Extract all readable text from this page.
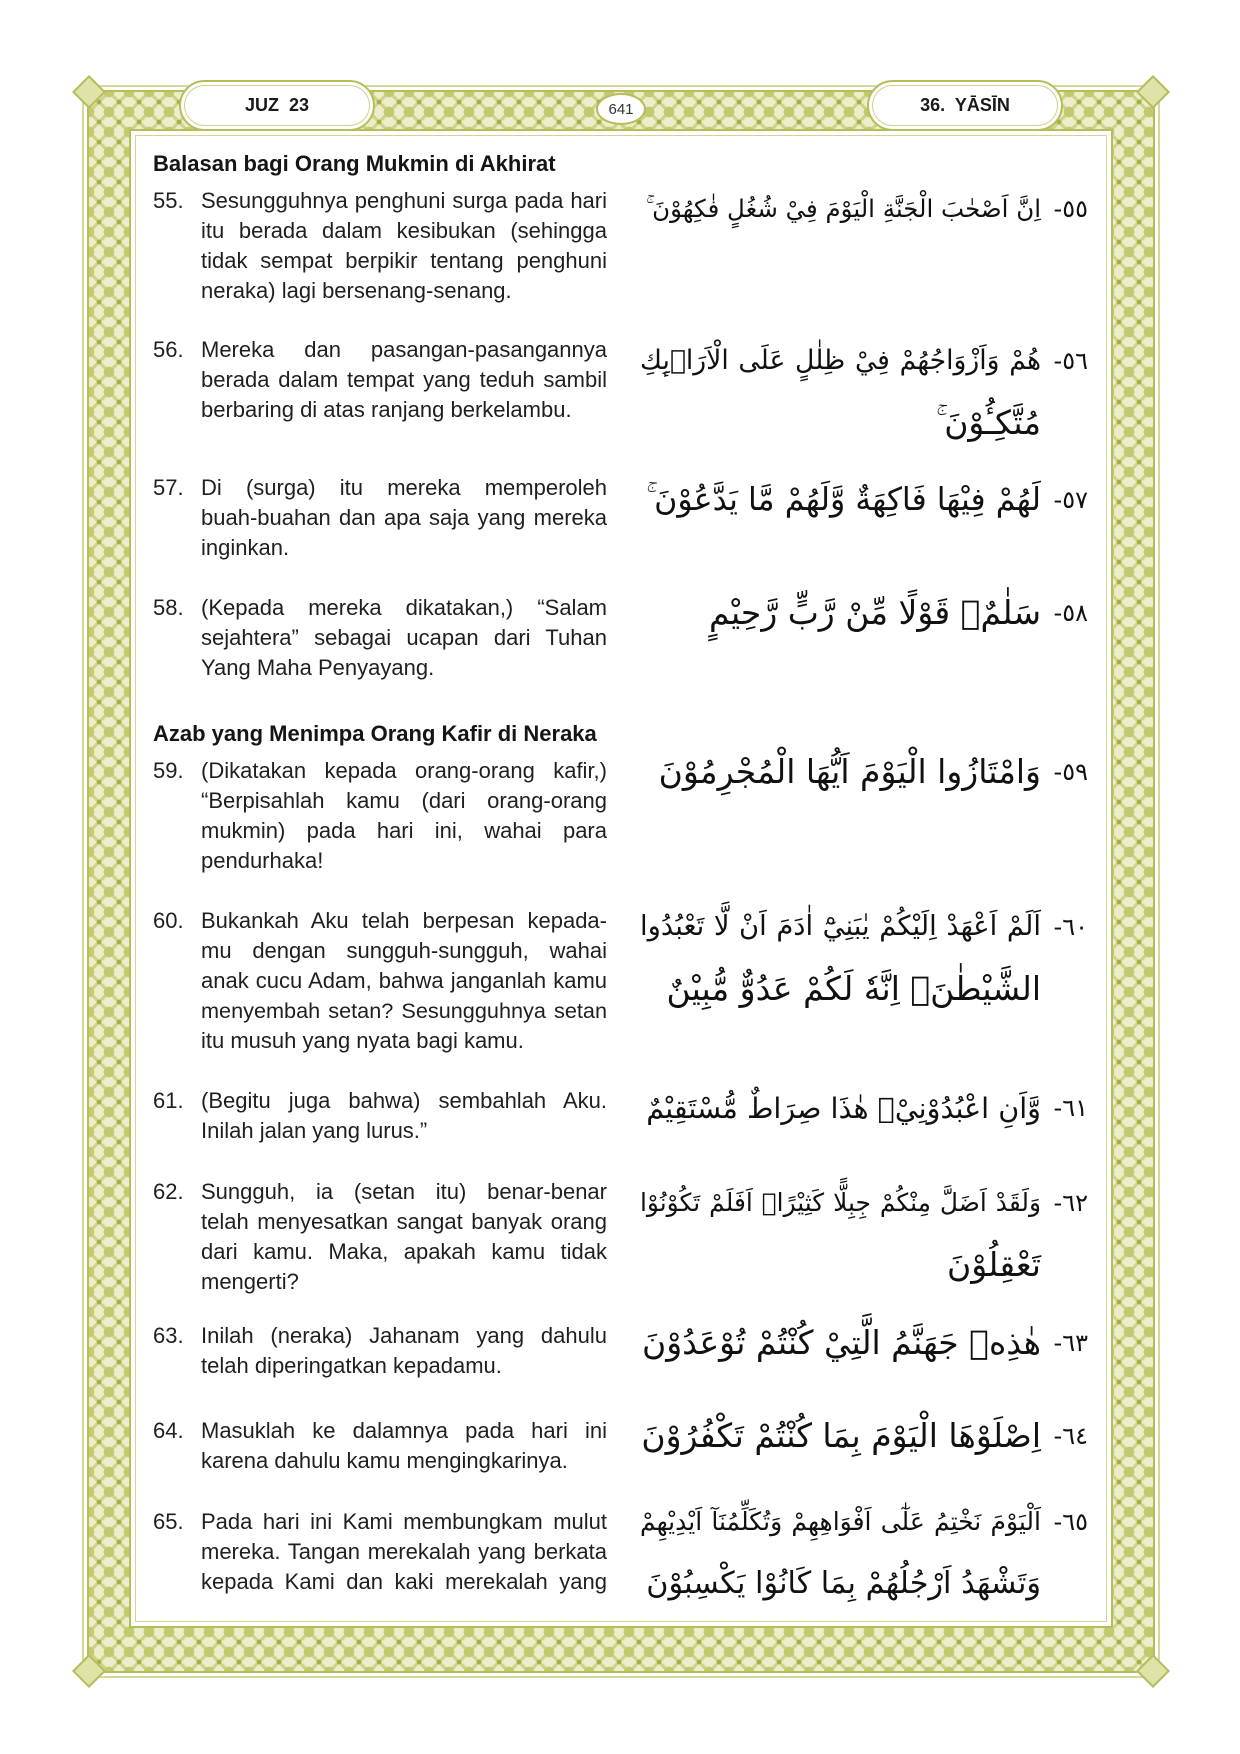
JUZ 23	641	36. YĀSĪN
Balasan bagi Orang Mukmin di Akhirat
55. Sesungguhnya penghuni surga pada hari
itu berada dalam kesibukan (sehingga
tidak sempat berpikir tentang penghuni
neraka) lagi bersenang-senang.
-٥٥
اِنَّ اَصْحٰبَ الْجَنَّةِ الْيَوْمَ فِيْ شُغُلٍ فٰكِهُوْنَ ۚ
56. Mereka dan pasangan-pasangannya
berada dalam tempat yang teduh sambil
berbaring di atas ranjang berkelambu.
-٥٦
هُمْ وَاَزْوَاجُهُمْ فِيْ ظِلٰلٍ عَلَى الْاَرَاۤىِٕكِ
مُتَّكِـُٔوْنَ ۚ
57. Di (surga) itu mereka memperoleh
buah-buahan dan apa saja yang mereka
inginkan.
-٥٧
لَهُمْ فِيْهَا فَاكِهَةٌ وَّلَهُمْ مَّا يَدَّعُوْنَ ۚ
58. (Kepada mereka dikatakan,) “Salam
sejahtera” sebagai ucapan dari Tuhan
Yang Maha Penyayang.
-٥٨
سَلٰمٌۗ قَوْلًا مِّنْ رَّبٍّ رَّحِيْمٍ
Azab yang Menimpa Orang Kafir di Neraka
59. (Dikatakan kepada orang-orang kafir,)
“Berpisahlah kamu (dari orang-orang
mukmin) pada hari ini, wahai para
pendurhaka!
-٥٩
وَامْتَازُوا الْيَوْمَ اَيُّهَا الْمُجْرِمُوْنَ
60. Bukankah Aku telah berpesan kepada-
mu dengan sungguh-sungguh, wahai
anak cucu Adam, bahwa janganlah kamu
menyembah setan? Sesungguhnya setan
itu musuh yang nyata bagi kamu.
-٦٠
اَلَمْ اَعْهَدْ اِلَيْكُمْ يٰبَنِيْٓ اٰدَمَ اَنْ لَّا تَعْبُدُوا
الشَّيْطٰنَۚ اِنَّهٗ لَكُمْ عَدُوٌّ مُّبِيْنٌ
61. (Begitu juga bahwa) sembahlah Aku.
Inilah jalan yang lurus.”
-٦١
وَّاَنِ اعْبُدُوْنِيْۗ هٰذَا صِرَاطٌ مُّسْتَقِيْمٌ
62. Sungguh, ia (setan itu) benar-benar
telah menyesatkan sangat banyak orang
dari kamu. Maka, apakah kamu tidak
mengerti?
-٦٢
وَلَقَدْ اَضَلَّ مِنْكُمْ جِبِلًّا كَثِيْرًاۗ اَفَلَمْ تَكُوْنُوْا
تَعْقِلُوْنَ
63. Inilah (neraka) Jahanam yang dahulu
telah diperingatkan kepadamu.
-٦٣
هٰذِهٖ جَهَنَّمُ الَّتِيْ كُنْتُمْ تُوْعَدُوْنَ
64. Masuklah ke dalamnya pada hari ini
karena dahulu kamu mengingkarinya.
-٦٤
اِصْلَوْهَا الْيَوْمَ بِمَا كُنْتُمْ تَكْفُرُوْنَ
65. Pada hari ini Kami membungkam mulut
mereka. Tangan merekalah yang berkata
kepada Kami dan kaki merekalah yang
-٦٥
اَلْيَوْمَ نَخْتِمُ عَلٰٓى اَفْوَاهِهِمْ وَتُكَلِّمُنَآ اَيْدِيْهِمْ
وَتَشْهَدُ اَرْجُلُهُمْ بِمَا كَانُوْا يَكْسِبُوْنَ
